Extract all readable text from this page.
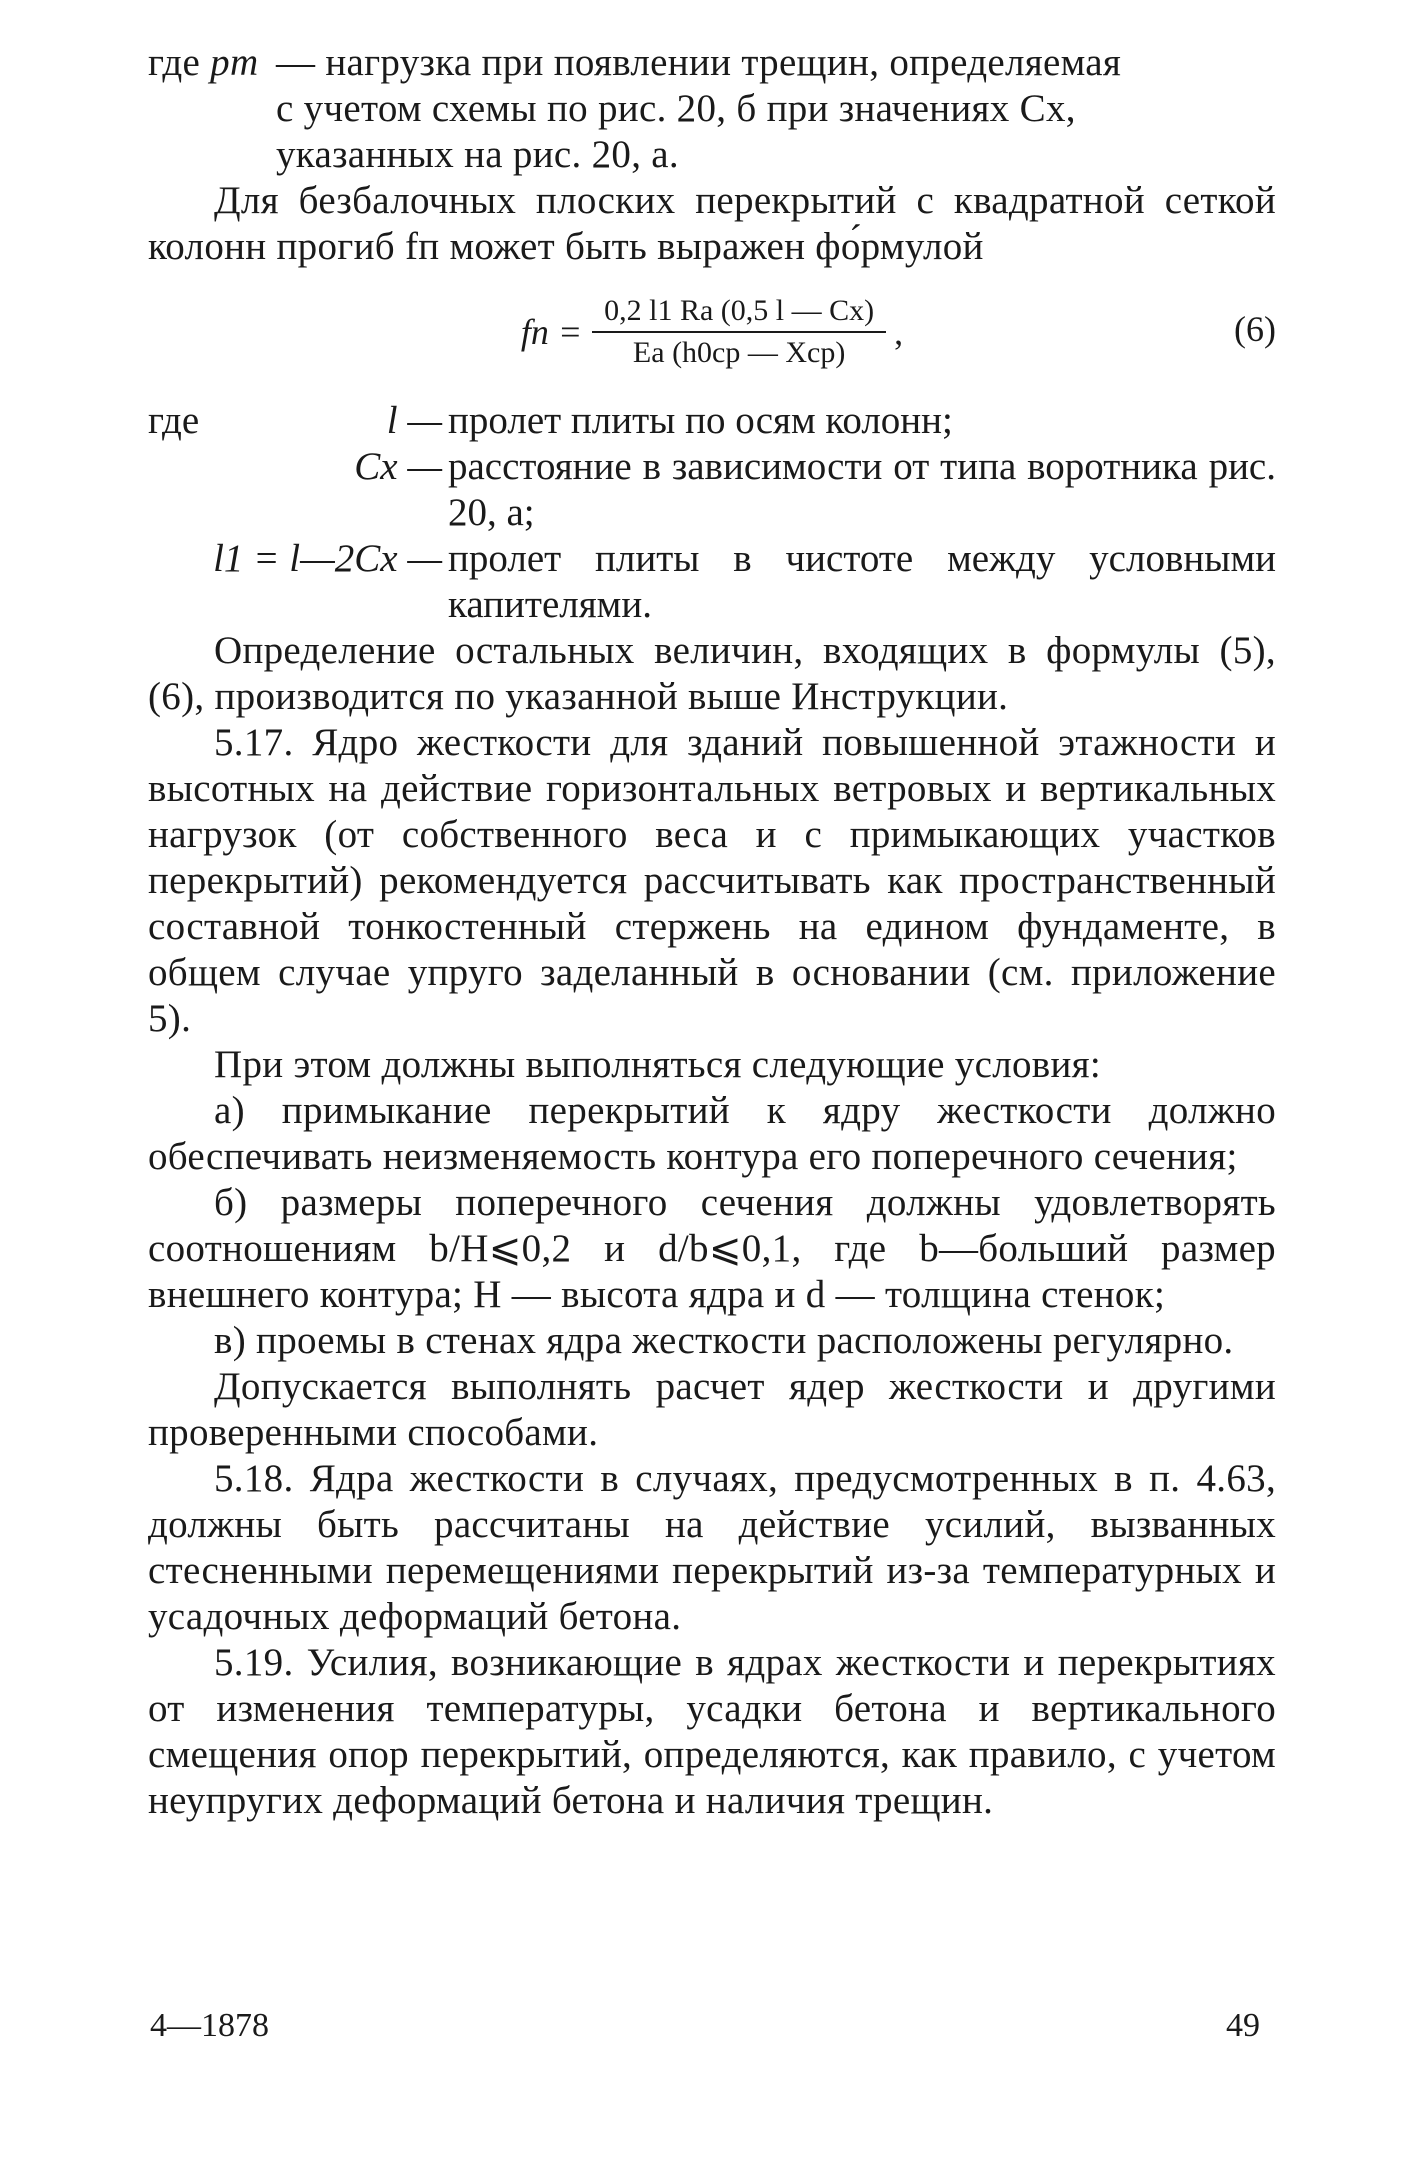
где pт — нагрузка при появлении трещин, определяемая

с учетом схемы по рис. 20, б при значениях Cx,

указанных на рис. 20, а.

Для безбалочных плоских перекрытий с квадратной сеткой колонн прогиб fп может быть выражен фо́рмулой

fп = $\frac{0,2 l1 Ra (0,5 l — Cx)}{\text{Ea (h0ср — Xср)}}$ ,	(6)
где	l — пролет плиты по осям колонн;
Cx — расстояние в зависимости от типа воротника рис. 20, а;
l1 = l—2Cx — пролет плиты в чистоте между условными капителями.

Определение остальных величин, входящих в формулы (5), (6), производится по указанной выше Инструкции.

5.17. Ядро жесткости для зданий повышенной этажности и высотных на действие горизонтальных ветровых и вертикальных нагрузок (от собственного веса и с примыкающих участков перекрытий) рекомендуется рассчитывать как пространственный составной тонкостенный стержень на едином фундаменте, в общем случае упруго заделанный в основании (см. приложение 5).

При этом должны выполняться следующие условия:

а) примыкание перекрытий к ядру жесткости должно обеспечивать неизменяемость контура его поперечного сечения;

б) размеры поперечного сечения должны удовлетворять соотношениям b/H⩽0,2 и d/b⩽0,1, где b—больший размер внешнего контура; H — высота ядра и d — толщина стенок;

в) проемы в стенах ядра жесткости расположены регулярно.

Допускается выполнять расчет ядер жесткости и другими проверенными способами.

5.18. Ядра жесткости в случаях, предусмотренных в п. 4.63, должны быть рассчитаны на действие усилий, вызванных стесненными перемещениями перекрытий из-за температурных и усадочных деформаций бетона.

5.19. Усилия, возникающие в ядрах жесткости и перекрытиях от изменения температуры, усадки бетона и вертикального смещения опор перекрытий, определяются, как правило, с учетом неупругих деформаций бетона и наличия трещин.

4—1878	49
